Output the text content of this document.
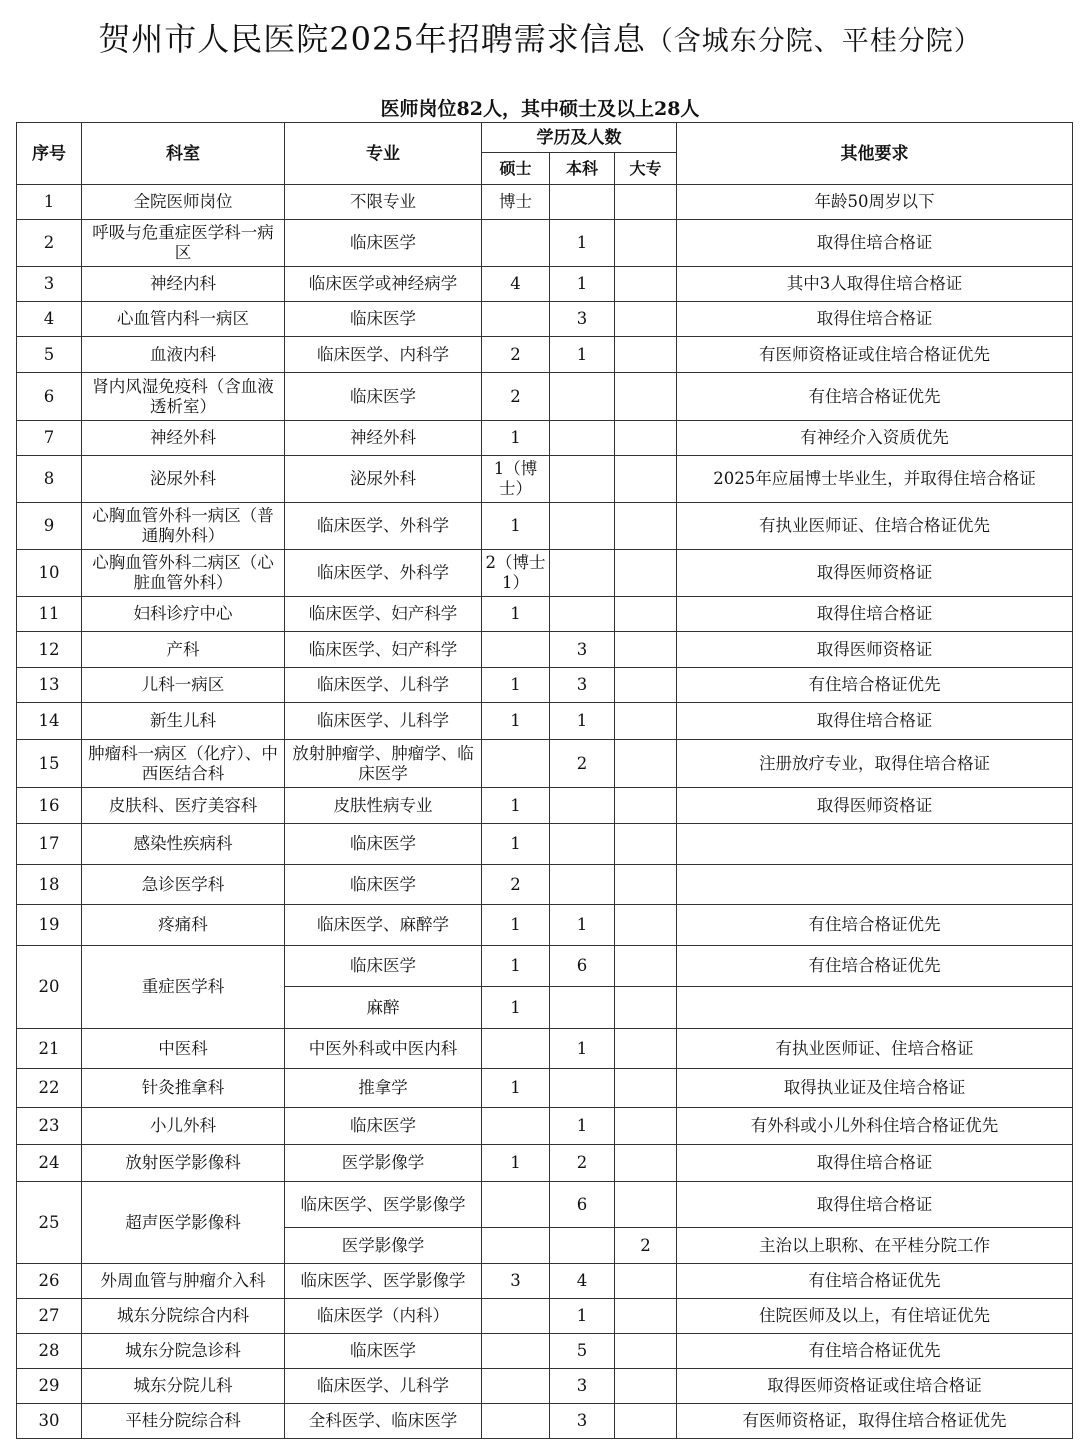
贺州市人民医院2025年招聘需求信息（含城东分院、平桂分院）
医师岗位82人，其中硕士及以上28人
序号	科室	专业	学历及人数			其他要求
			硕士	本科	大专	
1	全院医师岗位	不限专业	博士			年龄50周岁以下
2	呼吸与危重症医学科一病区	临床医学		1		取得住培合格证
3	神经内科	临床医学或神经病学	4	1		其中3人取得住培合格证
4	心血管内科一病区	临床医学		3		取得住培合格证
5	血液内科	临床医学、内科学	2	1		有医师资格证或住培合格证优先
6	肾内风湿免疫科（含血液透析室）	临床医学	2			有住培合格证优先
7	神经外科	神经外科	1			有神经介入资质优先
8	泌尿外科	泌尿外科	1（博士）			2025年应届博士毕业生，并取得住培合格证
9	心胸血管外科一病区（普通胸外科）	临床医学、外科学	1			有执业医师证、住培合格证优先
10	心胸血管外科二病区（心脏血管外科）	临床医学、外科学	2（博士1）			取得医师资格证
11	妇科诊疗中心	临床医学、妇产科学	1			取得住培合格证
12	产科	临床医学、妇产科学		3		取得医师资格证
13	儿科一病区	临床医学、儿科学	1	3		有住培合格证优先
14	新生儿科	临床医学、儿科学	1	1		取得住培合格证
15	肿瘤科一病区（化疗）、中西医结合科	放射肿瘤学、肿瘤学、临床医学		2		注册放疗专业，取得住培合格证
16	皮肤科、医疗美容科	皮肤性病专业	1			取得医师资格证
17	感染性疾病科	临床医学	1			
18	急诊医学科	临床医学	2			
19	疼痛科	临床医学、麻醉学	1	1		有住培合格证优先
20	重症医学科	临床医学	1	6		有住培合格证优先
		麻醉	1			
21	中医科	中医外科或中医内科		1		有执业医师证、住培合格证
22	针灸推拿科	推拿学	1			取得执业证及住培合格证
23	小儿外科	临床医学		1		有外科或小儿外科住培合格证优先
24	放射医学影像科	医学影像学	1	2		取得住培合格证
25	超声医学影像科	临床医学、医学影像学		6		取得住培合格证
		医学影像学			2	主治以上职称、在平桂分院工作
26	外周血管与肿瘤介入科	临床医学、医学影像学	3	4		有住培合格证优先
27	城东分院综合内科	临床医学（内科）		1		住院医师及以上，有住培证优先
28	城东分院急诊科	临床医学		5		有住培合格证优先
29	城东分院儿科	临床医学、儿科学		3		取得医师资格证或住培合格证
30	平桂分院综合科	全科医学、临床医学		3		有医师资格证，取得住培合格证优先
